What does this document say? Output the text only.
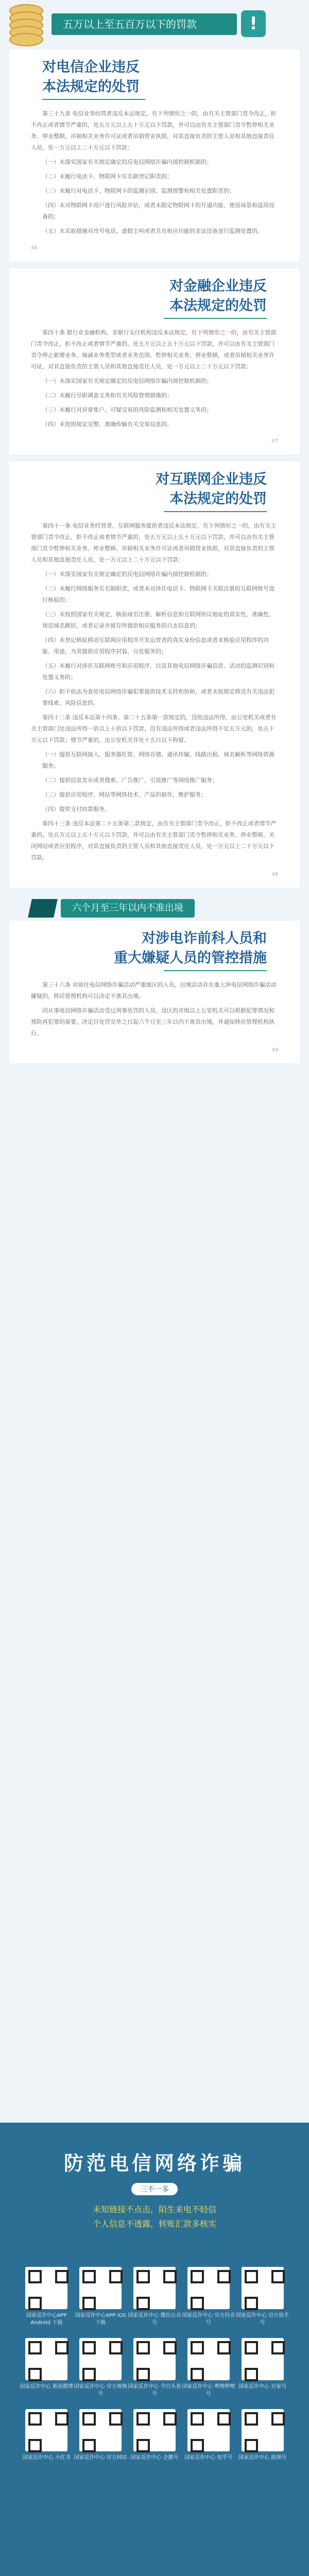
五万以上至五百万以下的罚款	!
对电信企业违反
本法规定的处罚

第三十九条 电信业务经营者违反本法规定，有下列情形之一的，由有关主管部门责令改正，拒不改正或者情节严重的，处五万元以上五十万元以下罚款，并可以由有关主管部门责令暂停相关业务、停业整顿、吊销相关业务许可证或者吊销营业执照，对其直接负责的主管人员和其他直接责任人员，处一万元以上二十万元以下罚款：

（一）未落实国家有关规定确定的反电信网络诈骗内部控制机制的；

（二）未履行电话卡、物联网卡实名制登记职责的；

（三）未履行对电话卡、物联网卡的监测识别、监测预警和相关处置职责的；

（四）未对物联网卡用户进行风险评估，或者未限定物联网卡的开通功能、使用场景和适用设备的；

（五）未采取措施对改号电话、虚假主叫或者具有相应功能的非法设备进行监测处置的。

46
对金融企业违反
本法规定的处罚

第四十条 银行业金融机构、非银行支付机构违反本法规定，有下列情形之一的，由有关主管部门责令改正，拒不改正或者情节严重的，处五万元以上五十万元以下罚款，并可以由有关主管部门责令停止新增业务、缩减业务类型或者业务范围、暂停相关业务、停业整顿，或者吊销相关业务许可证，对其直接负责的主管人员和其他直接责任人员，处一万元以上二十万元以下罚款：

（一）未落实国家有关规定确定的反电信网络诈骗内部控制机制的；

（二）未履行尽职调查义务和有关风险管理措施的；

（三）未履行对异常账户、可疑交易的风险监测和相关处置义务的；

（四）未按照规定完整、准确传输有关交易信息的。

47
对互联网企业违反
本法规定的处罚

第四十一条 电信业务经营者、互联网服务提供者违反本法规定，有下列情形之一的，由有关主管部门责令改正，拒不改正或者情节严重的，处五万元以上五十万元以下罚款，并可以由有关主管部门责令暂停相关业务、停业整顿、吊销相关业务许可证或者吊销营业执照，对其直接负责的主管人员和其他直接责任人员，处一万元以上二十万元以下罚款：

（一）未落实国家有关规定确定的反电信网络诈骗内部控制机制的；

（二）未履行网络服务实名制职责，或者未对涉诈电话卡、物联网卡关联注册的互联网账号进行核验的；

（三）未按照国家有关规定，核验域名注册、解析信息和互联网协议地址的真实性、准确性，规范域名跳转，或者记录并留存所提供相应服务的日志信息的；

（四）未登记核验移动互联网应用程序开发运营者的真实身份信息或者未核验应用程序的功能、用途，为其提供应用程序封装、分发服务的；

（五）未履行对涉诈互联网账号和应用程序，以及其他电信网络诈骗信息、活动的监测识别和处置义务的；

（六）拒不依法为查处电信网络诈骗犯罪提供技术支持和协助，或者未按规定移送有关违法犯罪线索、风险信息的。

第四十二条 违反本法第十四条、第二十五条第一款规定的，没收违法所得，由公安机关或者有关主管部门处违法所得一倍以上十倍以下罚款，没有违法所得或者违法所得不足五万元的，处五十万元以下罚款；情节严重的，由公安机关并处十五日以下拘留。

（一）提供互联网接入、服务器托管、网络存储、通讯传输、线路出租、域名解析等网络资源服务；

（二）提供信息发布或者搜索、广告推广、引流推广等网络推广服务；

（三）提供应用程序、网站等网络技术、产品的制作、维护服务；

（四）提供支付结算服务。

第四十三条 违反本法第二十五条第二款规定，由有关主管部门责令改正，拒不改正或者情节严重的，处五万元以上五十万元以下罚款，并可以由有关主管部门责令暂停相关业务、停业整顿、关闭网站或者应用程序，对其直接负责的主管人员和其他直接责任人员，处一万元以上二十万元以下罚款。

48
六个月至三年以内不准出境
对涉电诈前科人员和
重大嫌疑人员的管控措施

第三十六条 对前往电信网络诈骗活动严重地区的人员，出境活动存在重大涉电信网络诈骗活动嫌疑的，移民管理机构可以决定不准其出境。

因从事电信网络诈骗活动受过刑事处罚的人员，设区的市级以上公安机关可以根据犯罪情况和预防再犯罪的需要，决定自处罚完毕之日起六个月至三年以内不准其出境，并通知移民管理机构执行。

49
防范电信网络诈骗
三不一多
未知链接不点击，陌生来电不轻信
个人信息不透露，转账汇款多核实
国家反诈中心APP Android 下载
国家反诈中心APP iOS 下载
国家反诈中心 微信公众号
国家反诈中心 官方抖音号
国家反诈中心 官方快手号
国家反诈中心 新浪微博 国家反诈中心 官方视频号
国家反诈中心 今日头条号
国家反诈中心 哔哩哔哩号
国家反诈中心 百家号
国家反诈中心 小红书 国家反诈中心 官方网站 国家反诈中心 企鹅号	国家反诈中心 知乎号	国家反诈中心 澎湃号
